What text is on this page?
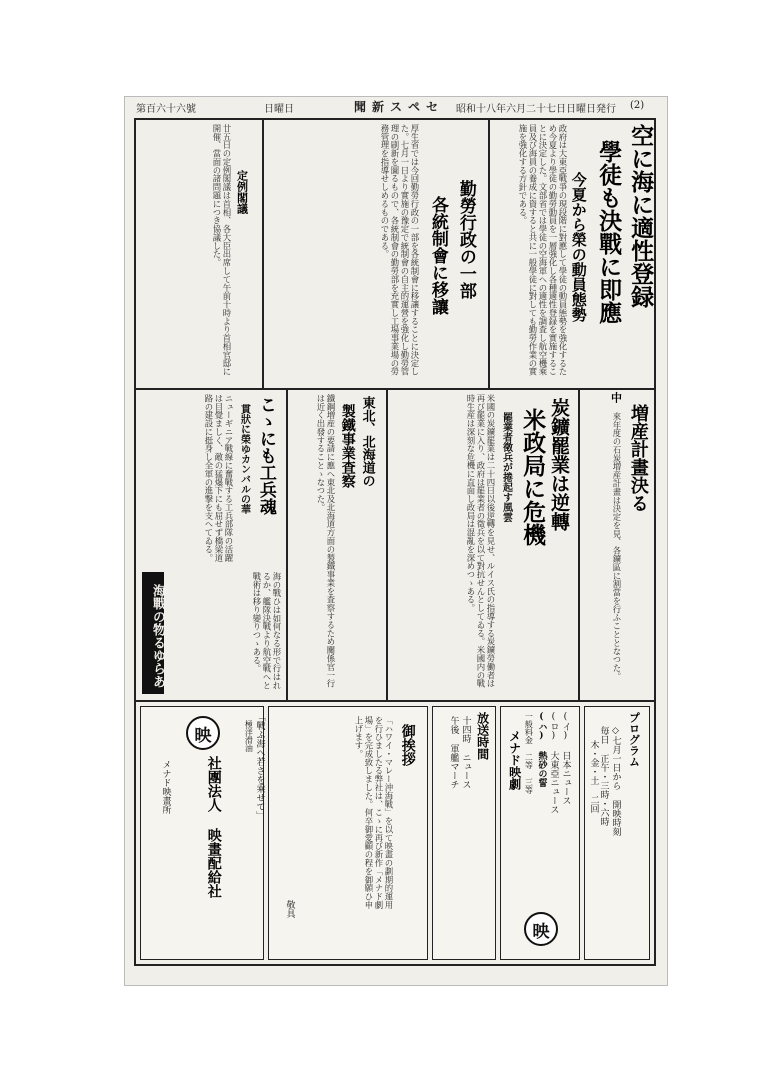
第百六十六號	日曜日	聞新スペセ 昭和十八年六月二十七日日曜日発行 (2)
空に海に適性登録
學徒も決戰に即應
今夏から榮の動員態勢
政府は大東亞戰爭の現段階に對應して學徒の動員態勢を強化するため今夏より學徒の勤勞動員を一層強化し各種適性登録を實施することに決定した。文部省では學徒の空海軍への適性を調査し航空機乘員及び海員の養成に資すると共に一般學徒に對しても勤勞作業の實施を強化する方針である。
勤勞行政の一部
各統制會に移讓
厚生省では今回勤勞行政の一部を各統制會に移讓することに決定した。七月一日より實施の豫定で統制會の自主的運營を強化し勤勞管理の刷新を圖るもので、各統制會の勤勞部を充實し工場事業場の勞務管理を指導せしめるものである。
定例閣議
廿五日の定例閣議は首相、各大臣出席して午前十時より首相官邸に開催、當面の諸問題につき協議した。
中
増産計畫決る
來年度の石炭増産計畫は決定を見、各鑛區に割當を行ふこととなつた。
炭鑛罷業は逆轉
米政局に危機
罷業者徵兵が捲起す風雲
米國の炭鑛罷業は二十四日以後逆轉を見せ、ルイス氏の指導する炭鑛勞働者は再び罷業に入り、政府は罷業者の徵兵を以て對抗せんとしてゐる。米國内の戰時生産は深刻な危機に直面し政局は混亂を深めつゝある。
東北、北海道の
製鐵事業査察
鐵鋼増産の要請に應へ東北及北海道方面の製鐵事業を査察するため關係官一行は近く出發することゝなつた。
こゝにも工兵魂
貫狀に榮ゆカンバルの華
ニューギニア戰線に奮戰する工兵部隊の活躍は目覺ましく、敵の猛爆下にも屈せず橋梁道路の建設に挺身し全軍の進撃を支へてゐる。
海戰の物るゆらあ	海の戰ひは如何なる形で行はれるか、艦隊決戰より航空戰へと戰術は移り變りつゝある。
プログラム
◇七月一日から 開映時刻
毎日 正午・三時・六時
木・金・土 二回
映
メナド映劇	(イ) 日本ニュース
(ロ) 大東亞ニュース
(ハ) 熱砂の誓
一般料金 二等 三等
放送時間
十四時 ニュース
午後 軍艦マーチ
御挨拶
「ハワイ・マレー沖海戰」を以て映畫の劃期的運用を行ひましたる弊社は、こゝに再び新作「メナド劇場」を完成致しました。何卒御愛顧の程を御願ひ申上げます。
敬具
映
社團法人 映畫配給社
メナド映畫所	「戰ふ海へ若さを乘せて」
極洋滑油
